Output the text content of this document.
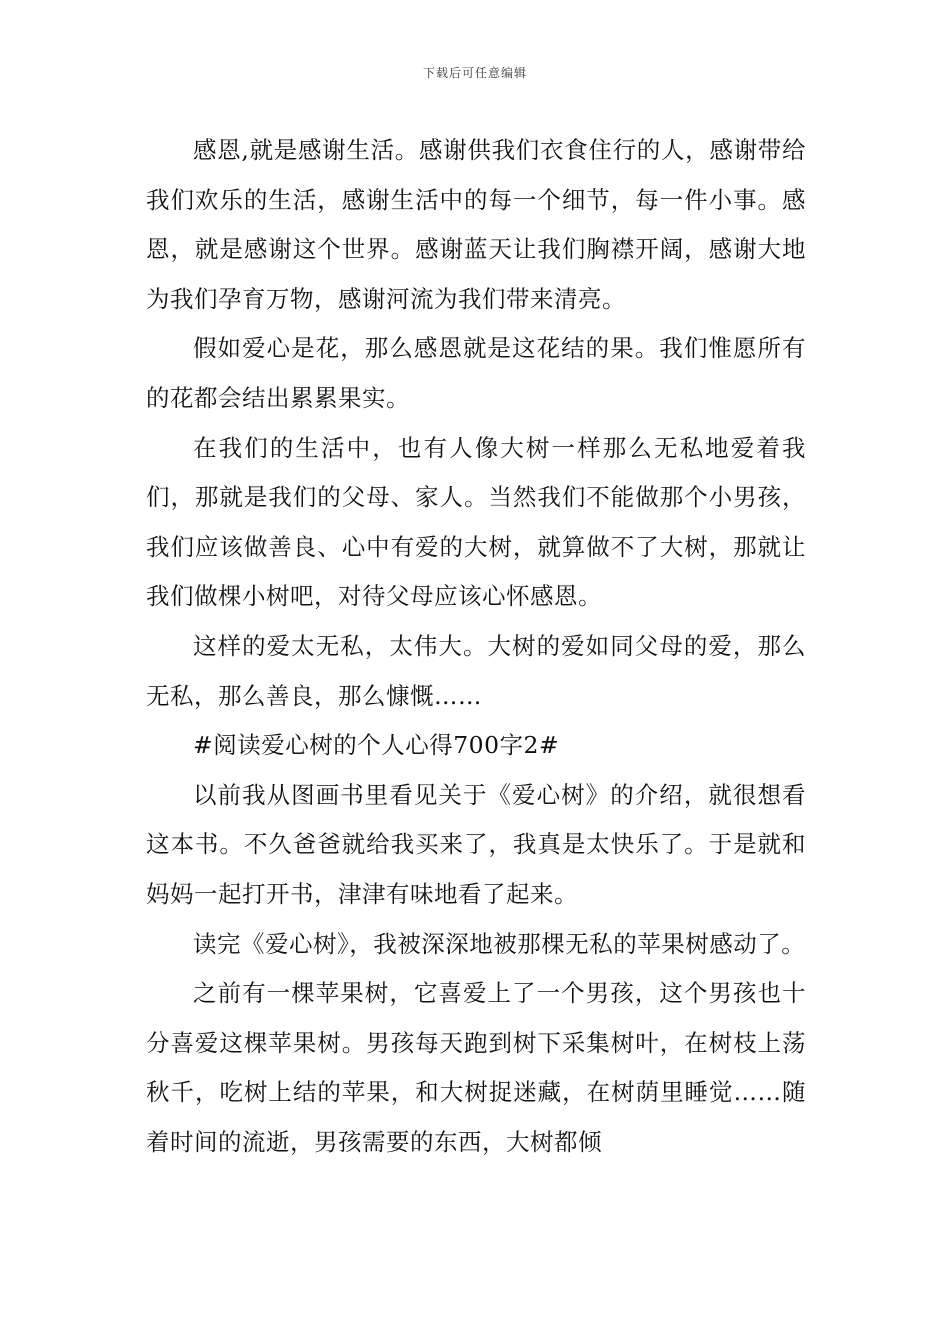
下载后可任意编辑

感恩,就是感谢生活。感谢供我们衣食住行的人，感谢带给我们欢乐的生活，感谢生活中的每一个细节，每一件小事。感恩，就是感谢这个世界。感谢蓝天让我们胸襟开阔，感谢大地为我们孕育万物，感谢河流为我们带来清亮。

假如爱心是花，那么感恩就是这花结的果。我们惟愿所有的花都会结出累累果实。

在我们的生活中，也有人像大树一样那么无私地爱着我们，那就是我们的父母、家人。当然我们不能做那个小男孩，我们应该做善良、心中有爱的大树，就算做不了大树，那就让我们做棵小树吧，对待父母应该心怀感恩。

这样的爱太无私，太伟大。大树的爱如同父母的爱，那么无私，那么善良，那么慷慨……

#阅读爱心树的个人心得700字2#

以前我从图画书里看见关于《爱心树》的介绍，就很想看这本书。不久爸爸就给我买来了，我真是太快乐了。于是就和妈妈一起打开书，津津有味地看了起来。

读完《爱心树》，我被深深地被那棵无私的苹果树感动了。

之前有一棵苹果树，它喜爱上了一个男孩，这个男孩也十分喜爱这棵苹果树。男孩每天跑到树下采集树叶，在树枝上荡秋千，吃树上结的苹果，和大树捉迷藏，在树荫里睡觉……随着时间的流逝，男孩需要的东西，大树都倾
